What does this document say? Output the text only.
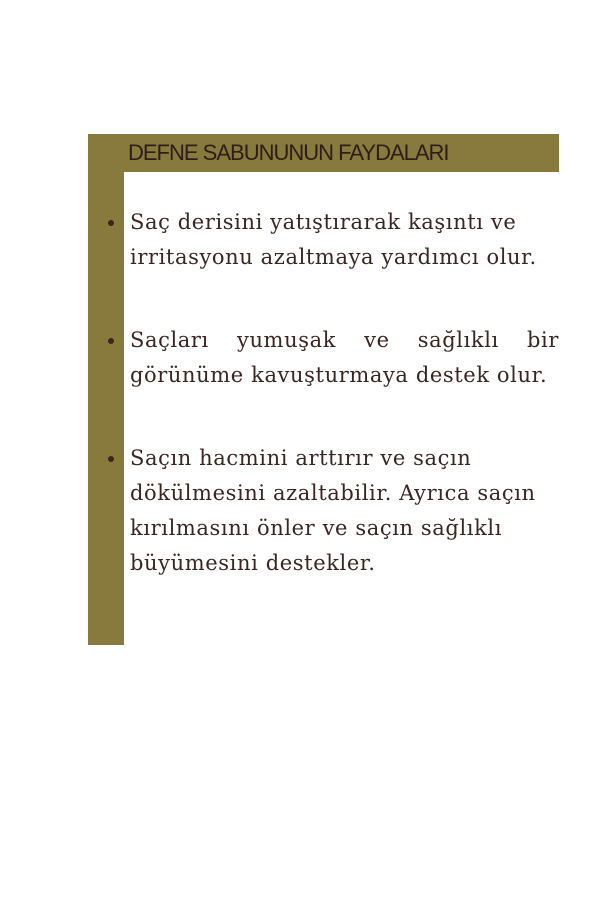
DEFNE SABUNUNUN FAYDALARI
Saç derisini yatıştırarak kaşıntı ve irritasyonu azaltmaya yardımcı olur.
Saçları yumuşak ve sağlıklı bir görünüme kavuşturmaya destek olur.
Saçın hacmini arttırır ve saçın dökülmesini azaltabilir. Ayrıca saçın kırılmasını önler ve saçın sağlıklı büyümesini destekler.
